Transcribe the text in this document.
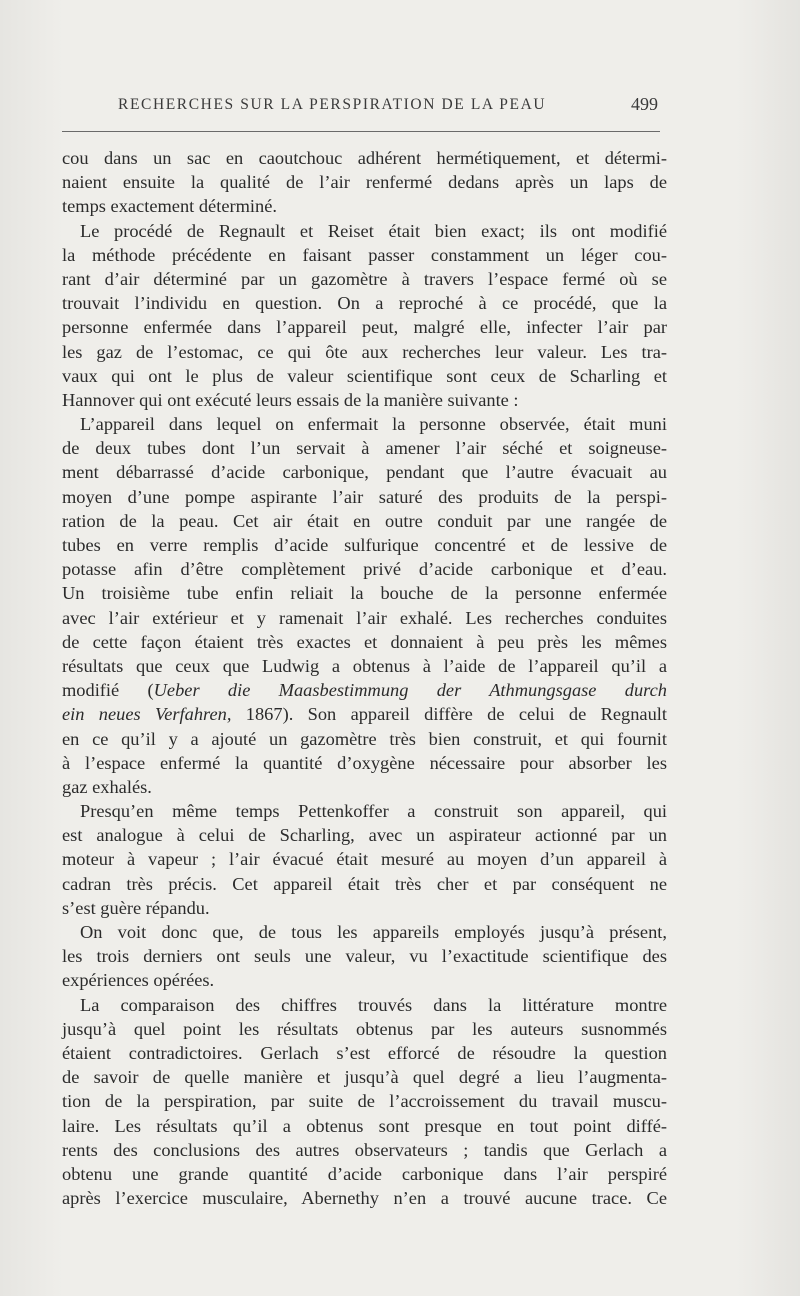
RECHERCHES SUR LA PERSPIRATION DE LA PEAU	499
cou dans un sac en caoutchouc adhérent hermétiquement, et détermi-
naient ensuite la qualité de l’air renfermé dedans après un laps de
temps exactement déterminé.
Le procédé de Regnault et Reiset était bien exact; ils ont modifié
la méthode précédente en faisant passer constamment un léger cou-
rant d’air déterminé par un gazomètre à travers l’espace fermé où se
trouvait l’individu en question. On a reproché à ce procédé, que la
personne enfermée dans l’appareil peut, malgré elle, infecter l’air par
les gaz de l’estomac, ce qui ôte aux recherches leur valeur. Les tra-
vaux qui ont le plus de valeur scientifique sont ceux de Scharling et
Hannover qui ont exécuté leurs essais de la manière suivante :
L’appareil dans lequel on enfermait la personne observée, était muni
de deux tubes dont l’un servait à amener l’air séché et soigneuse-
ment débarrassé d’acide carbonique, pendant que l’autre évacuait au
moyen d’une pompe aspirante l’air saturé des produits de la perspi-
ration de la peau. Cet air était en outre conduit par une rangée de
tubes en verre remplis d’acide sulfurique concentré et de lessive de
potasse afin d’être complètement privé d’acide carbonique et d’eau.
Un troisième tube enfin reliait la bouche de la personne enfermée
avec l’air extérieur et y ramenait l’air exhalé. Les recherches conduites
de cette façon étaient très exactes et donnaient à peu près les mêmes
résultats que ceux que Ludwig a obtenus à l’aide de l’appareil qu’il a
modifié (Ueber die Maasbestimmung der Athmungsgase durch
ein neues Verfahren, 1867). Son appareil diffère de celui de Regnault
en ce qu’il y a ajouté un gazomètre très bien construit, et qui fournit
à l’espace enfermé la quantité d’oxygène nécessaire pour absorber les
gaz exhalés.
Presqu’en même temps Pettenkoffer a construit son appareil, qui
est analogue à celui de Scharling, avec un aspirateur actionné par un
moteur à vapeur ; l’air évacué était mesuré au moyen d’un appareil à
cadran très précis. Cet appareil était très cher et par conséquent ne
s’est guère répandu.
On voit donc que, de tous les appareils employés jusqu’à présent,
les trois derniers ont seuls une valeur, vu l’exactitude scientifique des
expériences opérées.
La comparaison des chiffres trouvés dans la littérature montre
jusqu’à quel point les résultats obtenus par les auteurs susnommés
étaient contradictoires. Gerlach s’est efforcé de résoudre la question
de savoir de quelle manière et jusqu’à quel degré a lieu l’augmenta-
tion de la perspiration, par suite de l’accroissement du travail muscu-
laire. Les résultats qu’il a obtenus sont presque en tout point diffé-
rents des conclusions des autres observateurs ; tandis que Gerlach a
obtenu une grande quantité d’acide carbonique dans l’air perspiré
après l’exercice musculaire, Abernethy n’en a trouvé aucune trace. Ce
